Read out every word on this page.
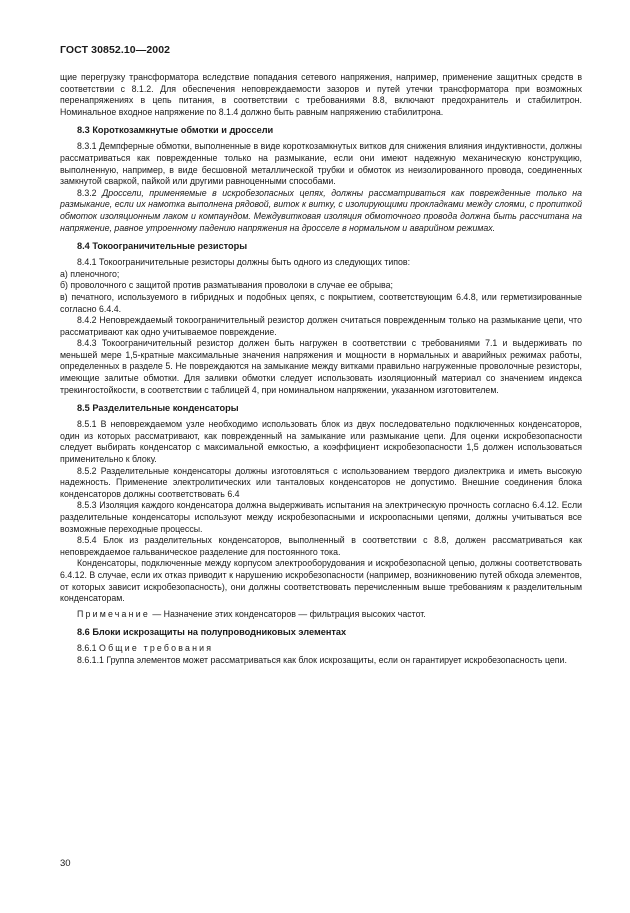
ГОСТ 30852.10—2002

щие перегрузку трансформатора вследствие попадания сетевого напряжения, например, применение защитных средств в соответствии с 8.1.2. Для обеспечения неповреждаемости зазоров и путей утечки трансформатора при возможных перенапряжениях в цепь питания, в соответствии с требованиями 8.8, включают предохранитель и стабилитрон. Номинальное входное напряжение по 8.1.4 должно быть равным напряжению стабилитрона.

8.3 Короткозамкнутые обмотки и дроссели

8.3.1 Демпферные обмотки, выполненные в виде короткозамкнутых витков для снижения влияния индуктивности, должны рассматриваться как поврежденные только на размыкание, если они имеют надежную механическую конструкцию, выполненную, например, в виде бесшовной металлической трубки и обмоток из неизолированного провода, соединенных замкнутой сваркой, пайкой или другими равноценными способами.

8.3.2 Дроссели, применяемые в искробезопасных цепях, должны рассматриваться как поврежденные только на размыкание, если их намотка выполнена рядовой, виток к витку, с изолирующими прокладками между слоями, с пропиткой обмоток изоляционным лаком и компаундом. Междувитковая изоляция обмоточного провода должна быть рассчитана на напряжение, равное утроенному падению напряжения на дросселе в нормальном и аварийном режимах.

8.4 Токоограничительные резисторы

8.4.1 Токоограничительные резисторы должны быть одного из следующих типов:

а) пленочного;

б) проволочного с защитой против разматывания проволоки в случае ее обрыва;

в) печатного, используемого в гибридных и подобных цепях, с покрытием, соответствующим 6.4.8, или герметизированные согласно 6.4.4.

8.4.2 Неповреждаемый токоограничительный резистор должен считаться поврежденным только на размыкание цепи, что рассматривают как одно учитываемое повреждение.

8.4.3 Токоограничительный резистор должен быть нагружен в соответствии с требованиями 7.1 и выдерживать по меньшей мере 1,5-кратные максимальные значения напряжения и мощности в нормальных и аварийных режимах работы, определенных в разделе 5. Не повреждаются на замыкание между витками правильно нагруженные проволочные резисторы, имеющие залитые обмотки. Для заливки обмотки следует использовать изоляционный материал со значением индекса трекингостойкости, в соответствии с таблицей 4, при номинальном напряжении, указанном изготовителем.

8.5 Разделительные конденсаторы

8.5.1 В неповреждаемом узле необходимо использовать блок из двух последовательно подключенных конденсаторов, один из которых рассматривают, как поврежденный на замыкание или размыкание цепи. Для оценки искробезопасности следует выбирать конденсатор с максимальной емкостью, а коэффициент искробезопасности 1,5 должен использоваться применительно к блоку.

8.5.2 Разделительные конденсаторы должны изготовляться с использованием твердого диэлектрика и иметь высокую надежность. Применение электролитических или танталовых конденсаторов не допустимо. Внешние соединения блока конденсаторов должны соответствовать 6.4

8.5.3 Изоляция каждого конденсатора должна выдерживать испытания на электрическую прочность согласно 6.4.12. Если разделительные конденсаторы используют между искробезопасными и искроопасными цепями, должны учитываться все возможные переходные процессы.

8.5.4 Блок из разделительных конденсаторов, выполненный в соответствии с 8.8, должен рассматриваться как неповреждаемое гальваническое разделение для постоянного тока.

Конденсаторы, подключенные между корпусом электрооборудования и искробезопасной цепью, должны соответствовать 6.4.12. В случае, если их отказ приводит к нарушению искробезопасности (например, возникновению путей обхода элементов, от которых зависит искробезопасность), они должны соответствовать перечисленным выше требованиям к разделительным конденсаторам.

Примечание — Назначение этих конденсаторов — фильтрация высоких частот.

8.6 Блоки искрозащиты на полупроводниковых элементах

8.6.1 Общие требования

8.6.1.1 Группа элементов может рассматриваться как блок искрозащиты, если он гарантирует искробезопасность цепи.

30
